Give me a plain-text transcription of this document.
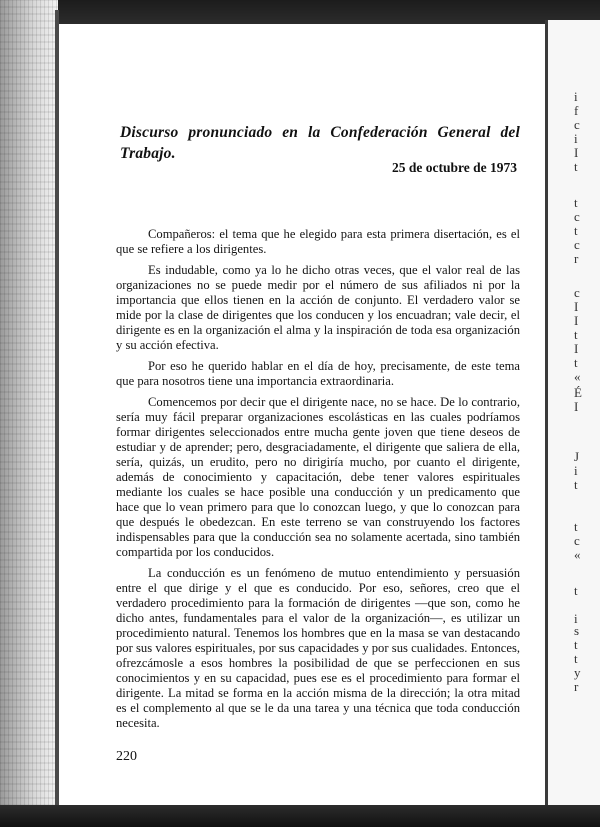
Discurso pronunciado en la Confederación General del Trabajo.
25 de octubre de 1973

Compañeros: el tema que he elegido para esta primera disertación, es el que se refiere a los dirigentes.

Es indudable, como ya lo he dicho otras veces, que el valor real de las organizaciones no se puede medir por el número de sus afiliados ni por la importancia que ellos tienen en la acción de conjunto. El verdadero valor se mide por la clase de dirigentes que los conducen y los encuadran; vale decir, el dirigente es en la organización el alma y la inspiración de toda esa organización y su acción efectiva.

Por eso he querido hablar en el día de hoy, precisamente, de este tema que para nosotros tiene una importancia extraordinaria.

Comencemos por decir que el dirigente nace, no se hace. De lo contrario, sería muy fácil preparar organizaciones escolásticas en las cuales podríamos formar dirigentes seleccionados entre mucha gente joven que tiene deseos de estudiar y de aprender; pero, desgraciadamente, el dirigente que saliera de ella, sería, quizás, un erudito, pero no dirigiría mucho, por cuanto el dirigente, además de conocimiento y capacitación, debe tener valores espirituales mediante los cuales se hace posible una conducción y un predicamento que hace que lo vean primero para que lo conozcan luego, y que lo conozcan para que después le obedezcan. En este terreno se van construyendo los factores indispensables para que la conducción sea no solamente acertada, sino también compartida por los conducidos.

La conducción es un fenómeno de mutuo entendimiento y persuasión entre el que dirige y el que es conducido. Por eso, señores, creo que el verdadero procedimiento para la formación de dirigentes —que son, como he dicho antes, fundamentales para el valor de la organización—, es utilizar un procedimiento natural. Tenemos los hombres que en la masa se van destacando por sus valores espirituales, por sus capacidades y por sus cualidades. Entonces, ofrezcámosle a esos hombres la posibilidad de que se perfeccionen en sus conocimientos y en su capacidad, pues ese es el procedimiento para formar el dirigente. La mitad se forma en la acción misma de la dirección; la otra mitad es el complemento al que se le da una tarea y una técnica que toda conducción necesita.

220
i
f
c
i
I
t
t
c
t
c
r
c
I
I
t
I
t
«
É
I
J
i
t
t
c
«
t
i
s
t
t
y
r
